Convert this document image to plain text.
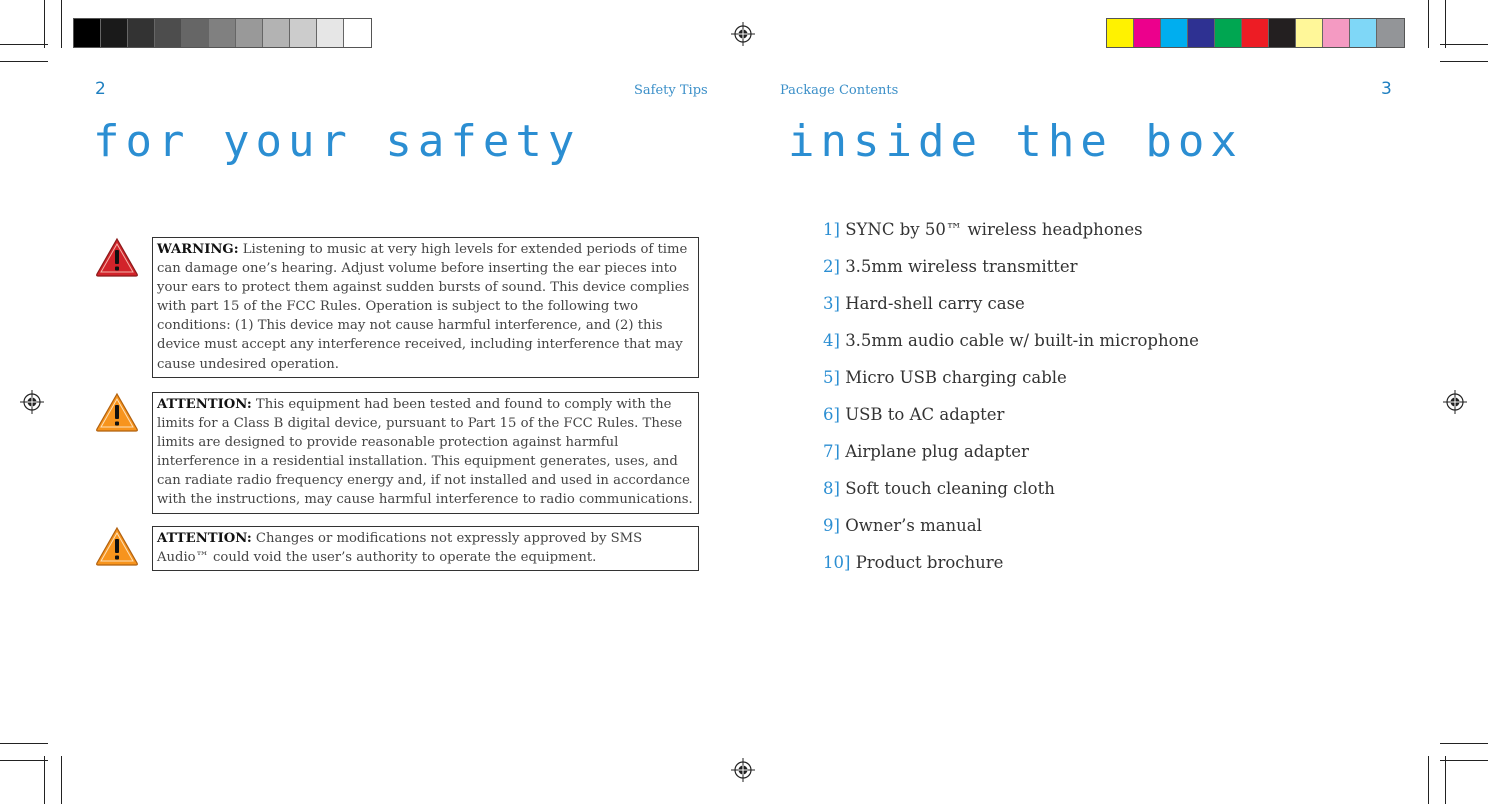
2	Safety Tips
for your safety
WARNING: Listening to music at very high levels for extended periods of time can damage one’s hearing. Adjust volume before inserting the ear pieces into your ears to protect them against sudden bursts of sound. This device complies with part 15 of the FCC Rules. Operation is subject to the following two conditions: (1) This device may not cause harmful interference, and (2) this device must accept any interference received, including interference that may cause undesired operation.
ATTENTION: This equipment had been tested and found to comply with the limits for a Class B digital device, pursuant to Part 15 of the FCC Rules. These limits are designed to provide reasonable protection against harmful interference in a residential installation. This equipment generates, uses, and can radiate radio frequency energy and, if not installed and used in accordance with the instructions, may cause harmful interference to radio communications.
ATTENTION: Changes or modifications not expressly approved by SMS Audio™ could void the user’s authority to operate the equipment.
Package Contents	3
inside the box
1] SYNC by 50™ wireless headphones
2] 3.5mm wireless transmitter
3] Hard-shell carry case
4] 3.5mm audio cable w/ built-in microphone
5] Micro USB charging cable
6] USB to AC adapter
7] Airplane plug adapter
8] Soft touch cleaning cloth
9] Owner’s manual
10] Product brochure
